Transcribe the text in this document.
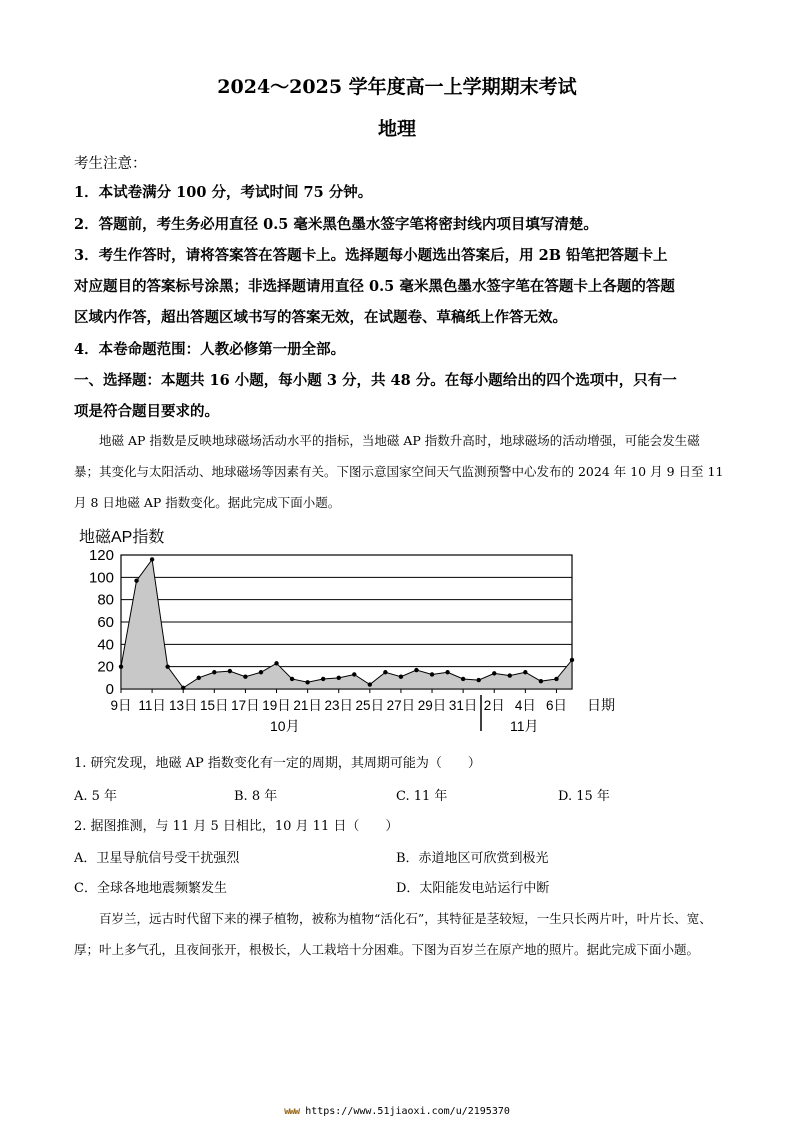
2024～2025 学年度高一上学期期末考试
地理
考生注意：
1．本试卷满分 100 分，考试时间 75 分钟。
2．答题前，考生务必用直径 0.5 毫米黑色墨水签字笔将密封线内项目填写清楚。
3．考生作答时，请将答案答在答题卡上。选择题每小题选出答案后，用 2B 铅笔把答题卡上
对应题目的答案标号涂黑；非选择题请用直径 0.5 毫米黑色墨水签字笔在答题卡上各题的答题
区域内作答，超出答题区域书写的答案无效，在试题卷、草稿纸上作答无效。
4．本卷命题范围：人教必修第一册全部。
一、选择题：本题共 16 小题，每小题 3 分，共 48 分。在每小题给出的四个选项中，只有一
项是符合题目要求的。
地磁 AP 指数是反映地球磁场活动水平的指标，当地磁 AP 指数升高时，地球磁场的活动增强，可能会发生磁暴；其变化与太阳活动、地球磁场等因素有关。下图示意国家空间天气监测预警中心发布的 2024 年 10 月 9 日至 11 月 8 日地磁 AP 指数变化。据此完成下面小题。
地磁AP指数
0
20
40
60
80
100
120
9日 11日 13日 15日 17日 19日 21日 23日 25日 27日 29日 31日 2日 4日 6日 日期
10月	11月
1. 研究发现，地磁 AP 指数变化有一定的周期，其周期可能为（　　）
A. 5 年	B. 8 年	C. 11 年	D. 15 年
2. 据图推测，与 11 月 5 日相比，10 月 11 日（　　）
A．卫星导航信号受干扰强烈	B．赤道地区可欣赏到极光
C．全球各地地震频繁发生	D．太阳能发电站运行中断
百岁兰，远古时代留下来的裸子植物，被称为植物“活化石”，其特征是茎较短，一生只长两片叶，叶片长、宽、厚；叶上多气孔，且夜间张开，根极长，人工栽培十分困难。下图为百岁兰在原产地的照片。据此完成下面小题。
www https://www.51jiaoxi.com/u/2195370
